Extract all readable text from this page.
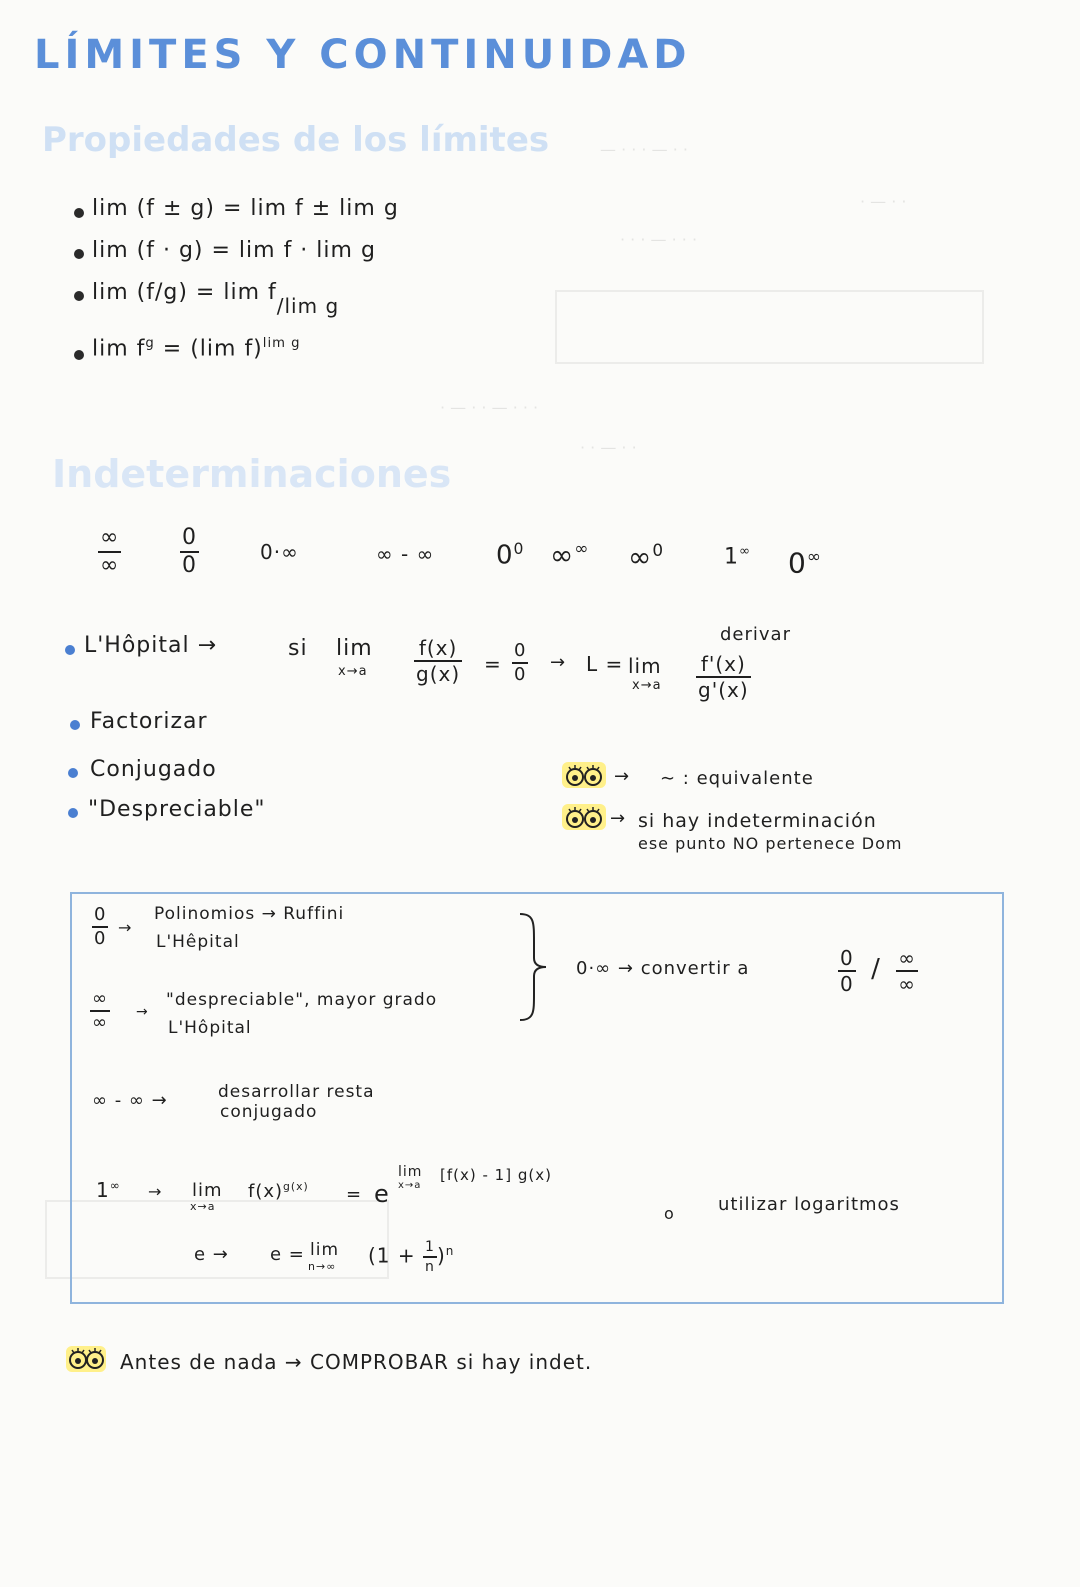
— · · · — · ·
· — · ·
· · · — · · ·
· — · · — · · ·
· · — · ·
LÍMITES Y CONTINUIDAD
Propiedades de los límites
lim (f ± g) = lim f ± lim g
lim (f · g) = lim f · lim g
lim (f/g) = lim f/lim g
$\lim f^g = (\lim$ f)$^{lim g}$
Indeterminaciones
$\frac{\infty}{\infty}$	$\frac{0}{0}$	0·∞	∞ - ∞ $0^0$ ∞∞ ∞$^0$	1∞ 0∞
L'Hôpital →	si lim
$x\to a \frac{f(x)}{g(x)} = \frac{0}{0} \to L = \lim$
x→a
derivar
$\frac{f'(x)}{g'(x)}$
Factorizar
Conjugado
"Despreciable"
→ ∼ : equivalente
→ si hay indeterminación
ese punto NO pertenece Dom
$\frac{0}{0}$ →
Polinomios → Ruffini
L'Hêpital
$\frac{\infty}{\infty}$ →
"despreciable", mayor grado
L'Hôpital
0·∞ → convertir a	$\frac{0}{0} / \frac{\infty}{\infty}$
∞ - ∞ →	desarrollar resta
conjugado
1∞ → lim
x→a
$f(x)^{g(x)} = e$
lim
x→a
[f(x) - 1] g(x)
o utilizar logaritmos
e → e = lim
n→∞ $(1 + \frac{1}{n} )^n$
Antes de nada → COMPROBAR si hay indet.
